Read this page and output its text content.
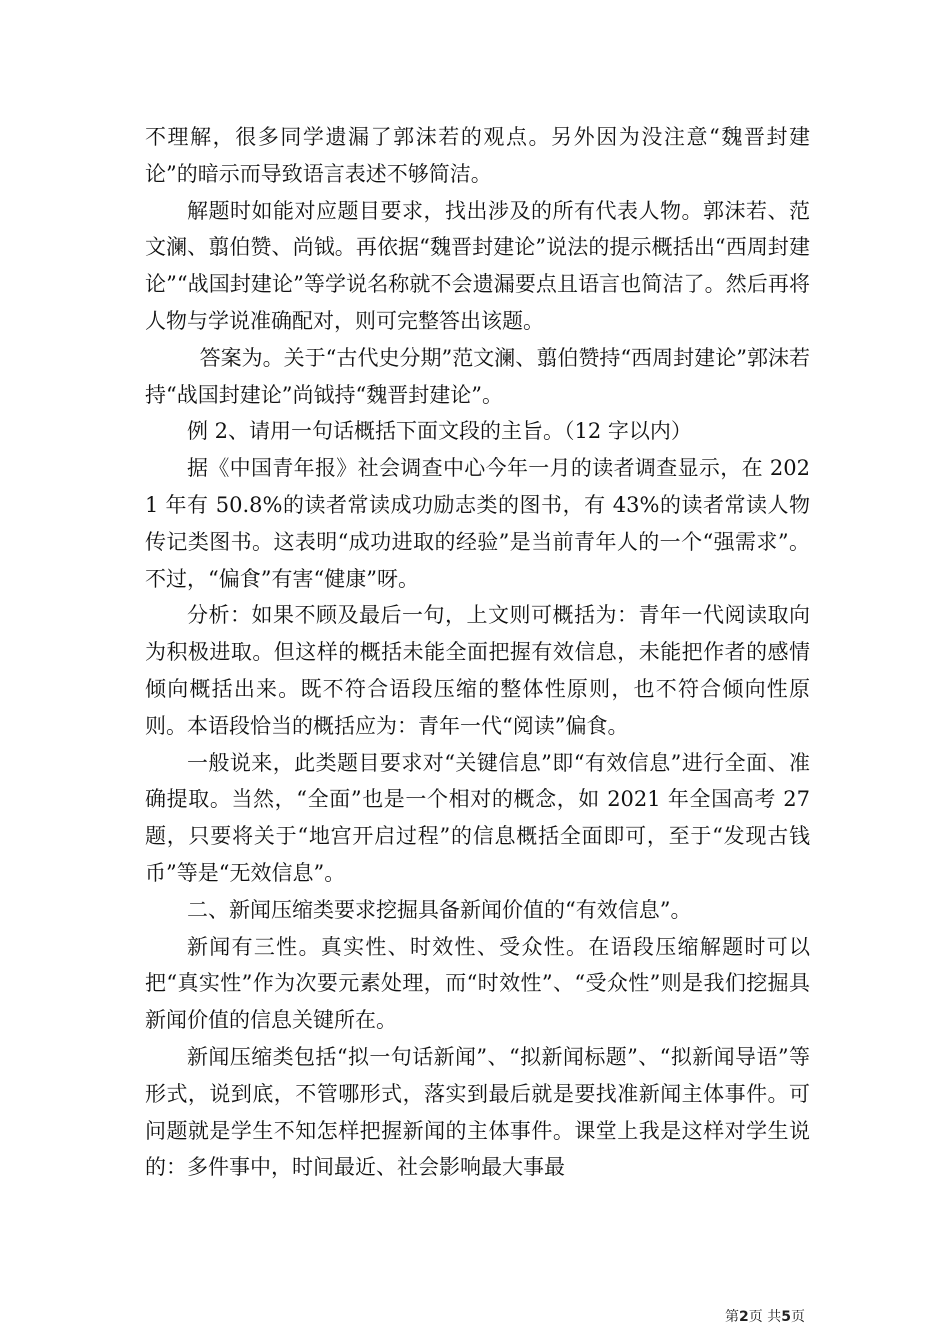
不理解，很多同学遗漏了郭沫若的观点。另外因为没注意“魏晋封建论”的暗示而导致语言表述不够简洁。

解题时如能对应题目要求，找出涉及的所有代表人物。郭沫若、范文澜、翦伯赞、尚钺。再依据“魏晋封建论”说法的提示概括出“西周封建论”“战国封建论”等学说名称就不会遗漏要点且语言也简洁了。然后再将人物与学说准确配对，则可完整答出该题。

答案为。关于“古代史分期”范文澜、翦伯赞持“西周封建论”郭沫若持“战国封建论”尚钺持“魏晋封建论”。

例 2、请用一句话概括下面文段的主旨。（12 字以内）

据《中国青年报》社会调查中心今年一月的读者调查显示，在 2021 年有 50.8%的读者常读成功励志类的图书，有 43%的读者常读人物传记类图书。这表明“成功进取的经验”是当前青年人的一个“强需求”。不过，“偏食”有害“健康”呀。

分析：如果不顾及最后一句，上文则可概括为：青年一代阅读取向为积极进取。但这样的概括未能全面把握有效信息，未能把作者的感情倾向概括出来。既不符合语段压缩的整体性原则，也不符合倾向性原则。本语段恰当的概括应为：青年一代“阅读”偏食。

一般说来，此类题目要求对“关键信息”即“有效信息”进行全面、准确提取。当然，“全面”也是一个相对的概念，如 2021 年全国高考 27 题，只要将关于“地宫开启过程”的信息概括全面即可，至于“发现古钱币”等是“无效信息”。

二、新闻压缩类要求挖掘具备新闻价值的“有效信息”。

新闻有三性。真实性、时效性、受众性。在语段压缩解题时可以把“真实性”作为次要元素处理，而“时效性”、“受众性”则是我们挖掘具新闻价值的信息关键所在。

新闻压缩类包括“拟一句话新闻”、“拟新闻标题”、“拟新闻导语”等形式，说到底，不管哪形式，落实到最后就是要找准新闻主体事件。可问题就是学生不知怎样把握新闻的主体事件。课堂上我是这样对学生说的：多件事中，时间最近、社会影响最大事最

第2页 共5页
